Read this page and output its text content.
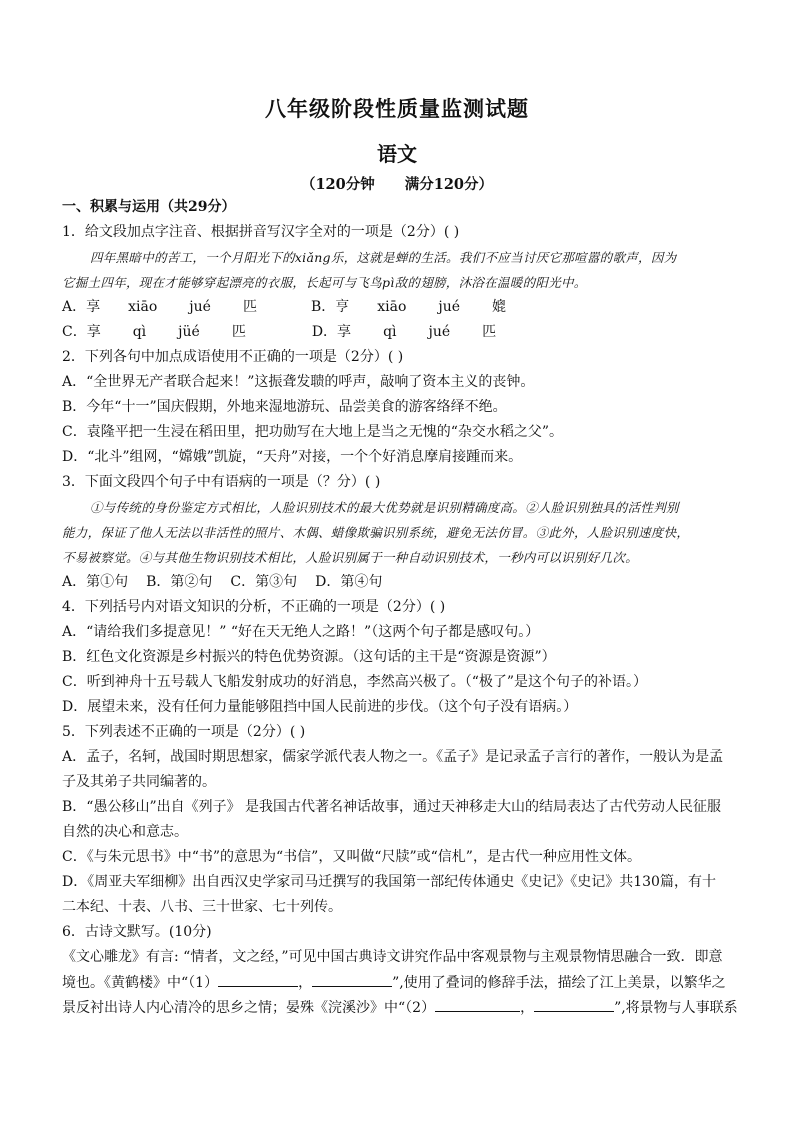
八年级阶段性质量监测试题
语文
（120分钟 满分120分）
一、积累与运用（共29分）
1．给文段加点字注音、根据拼音写汉字全对的一项是（2分）( )
四年黑暗中的苦工，一个月阳光下的xiǎng乐，这就是蝉的生活。我们不应当讨厌它那喧嚣的歌声，因为
它掘土四年，现在才能够穿起漂亮的衣服，长起可与飞鸟pì敌的翅膀，沐浴在温暖的阳光中。
A．享 xiāo jué 匹	B．亨 xiāo jué 媲
C．享 qì jüé 匹	D．享 qì jué 匹
2．下列各句中加点成语使用不正确的一项是（2分）( )
A．“全世界无产者联合起来！”这振聋发聩的呼声，敲响了资本主义的丧钟。
B．今年“十一”国庆假期，外地来湿地游玩、品尝美食的游客络绎不绝。
C．袁隆平把一生浸在稻田里，把功勋写在大地上是当之无愧的“杂交水稻之父”。
D．“北斗”组网，“嫦娥”凯旋，“天舟”对接，一个个好消息摩肩接踵而来。
3．下面文段四个句子中有语病的一项是（？分）( )
①与传统的身份鉴定方式相比，人脸识别技术的最大优势就是识别精确度高。②人脸识别独具的活性判别
能力，保证了他人无法以非活性的照片、木偶、蜡像欺骗识别系统，避免无法仿冒。③此外，人脸识别速度快，
不易被察觉。④与其他生物识别技术相比，人脸识别属于一种自动识别技术，一秒内可以识别好几次。
A．第①句 B．第②句 C．第③句 D．第④句
4．下列括号内对语文知识的分析，不正确的一项是（2分）( )
A．“请给我们多提意见！” “好在天无绝人之路！”（这两个句子都是感叹句。）
B．红色文化资源是乡村振兴的特色优势资源。（这句话的主干是“资源是资源”）
C．听到神舟十五号载人飞船发射成功的好消息，李然高兴极了。（“极了”是这个句子的补语。）
D．展望未来，没有任何力量能够阻挡中国人民前进的步伐。（这个句子没有语病。）
5．下列表述不正确的一项是（2分）( )
A．孟子，名轲，战国时期思想家，儒家学派代表人物之一。《孟子》是记录孟子言行的著作，一般认为是孟
子及其弟子共同编著的。
B．“愚公移山”出自《列子》 是我国古代著名神话故事，通过天神移走大山的结局表达了古代劳动人民征服
自然的决心和意志。
C．《与朱元思书》中“书”的意思为“书信”，又叫做“尺牍”或“信札”，是古代一种应用性文体。
D．《周亚夫军细柳》出自西汉史学家司马迁撰写的我国第一部纪传体通史《史记》《史记》共130篇，有十
二本纪、十表、八书、三十世家、七十列传。
6．古诗文默写。(10分)
《文心雕龙》有言: “情者，文之经，”可见中国古典诗文讲究作品中客观景物与主观景物情思融合一致．即意
境也。《黄鹤楼》中“（1）	，	”,使用了叠词的修辞手法，描绘了江上美景，以繁华之
景反衬出诗人内心清冷的思乡之情；晏殊《浣溪沙》中“（2）	，	”,将景物与人事联系
